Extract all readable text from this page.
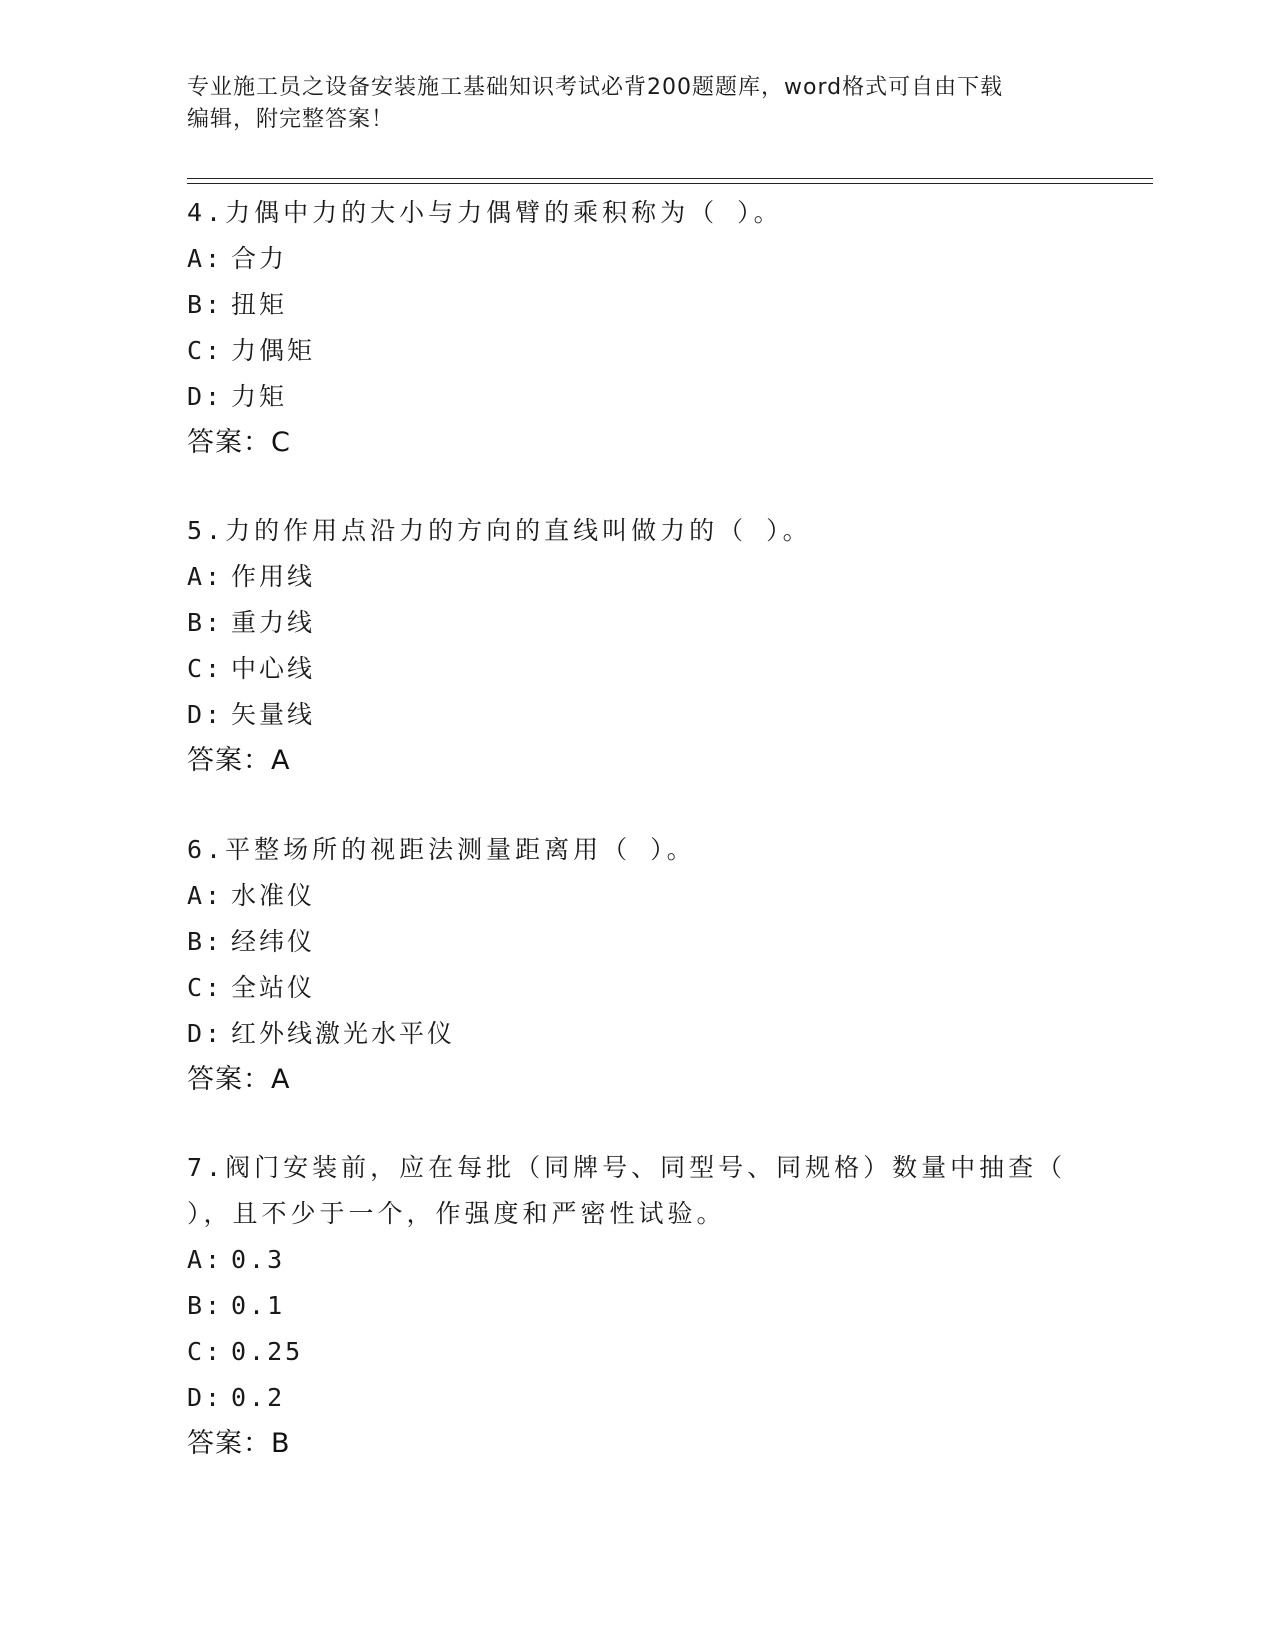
专业施工员之设备安装施工基础知识考试必背200题题库，word格式可自由下载
编辑，附完整答案！

4.力偶中力的大小与力偶臂的乘积称为（ ）。

A: 合力

B: 扭矩

C: 力偶矩

D: 力矩

答案：C

5.力的作用点沿力的方向的直线叫做力的（ ）。

A: 作用线

B: 重力线

C: 中心线

D: 矢量线

答案：A

6.平整场所的视距法测量距离用（ ）。

A: 水准仪

B: 经纬仪

C: 全站仪

D: 红外线激光水平仪

答案：A

7.阀门安装前，应在每批（同牌号、同型号、同规格）数量中抽查（

），且不少于一个，作强度和严密性试验。

A: 0.3

B: 0.1

C: 0.25

D: 0.2

答案：B
